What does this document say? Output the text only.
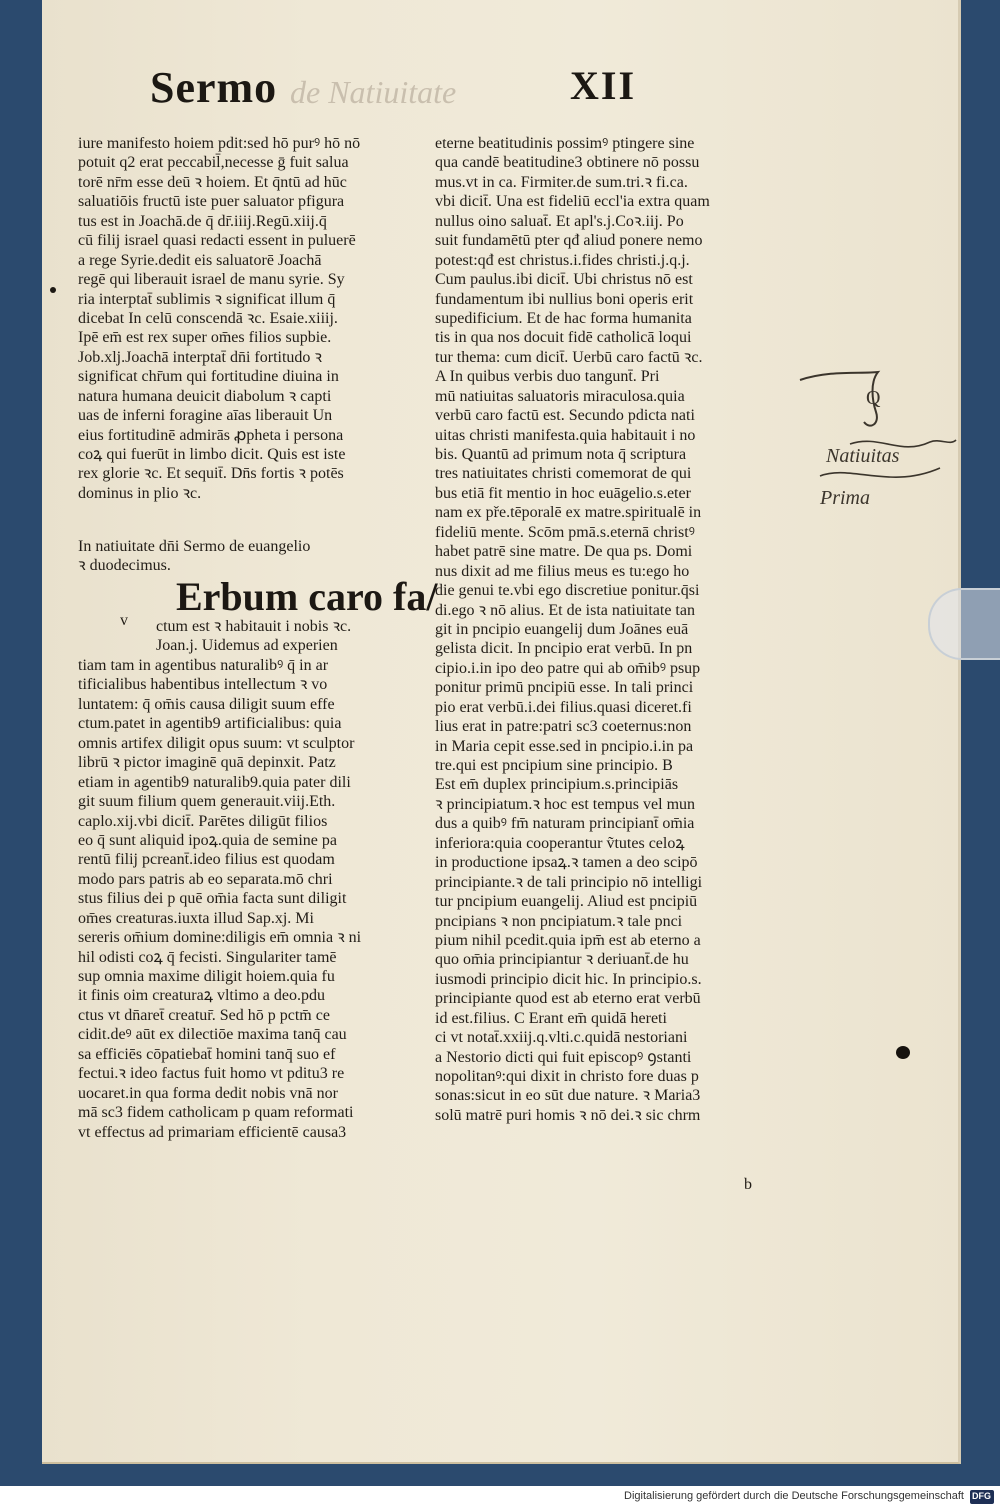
Sermo de Natiuitate	XII
iure manifesto hoiem pdit:sed hō purꝰ hō nō
potuit q2 erat peccabil̄,necesse ḡ fuit salua
torē nr̄m esse deū ꝛ hoiem. Et q̄ntū ad hūc
saluatiōis fructū iste puer saluator pfigura
tus est in Joachā.de q̄ dr̄.iiij.Regū.xiij.q̄
cū filij israel quasi redacti essent in puluerē
a rege Syrie.dedit eis saluatorē Joachā
regē qui liberauit israel de manu syrie. Sy
ria interptat̄ sublimis ꝛ significat illum q̄
dicebat In celū conscendā ꝛc. Esaie.xiiij.
Ipē em̄ est rex super om̄es filios supbie.
Job.xlj.Joachā interptat̄ dn̄i fortitudo ꝛ
significat chr̄um qui fortitudine diuina in
natura humana deuicit diabolum ꝛ capti
uas de inferni foragine aīas liberauit Un
eius fortitudinē admirās ꝓpheta i persona
coꝝ qui fuerūt in limbo dicit. Quis est iste
rex glorie ꝛc. Et sequit̄. Dn̄s fortis ꝛ potēs
dominus in plio ꝛc.
In natiuitate dn̄i Sermo de euangelio
ꝛ duodecimus.
Erbum caro fa/
v ctum est ꝛ habitauit i nobis ꝛc.
Joan.j. Uidemus ad experien
tiam tam in agentibus naturalibꝰ q̄ in ar
tificialibus habentibus intellectum ꝛ vo
luntatem: q̄ om̄is causa diligit suum effe
ctum.patet in agentib9 artificialibus: quia
omnis artifex diligit opus suum: vt sculptor
librū ꝛ pictor imaginē quā depinxit. Patz
etiam in agentib9 naturalib9.quia pater dili
git suum filium quem generauit.viij.Eth.
caplo.xij.vbi dicit̄. Parētes diligūt filios
eo q̄ sunt aliquid ipoꝝ.quia de semine pa
rentū filij pcreant̄.ideo filius est quodam
modo pars patris ab eo separata.mō chri
stus filius dei p quē om̄ia facta sunt diligit
om̄es creaturas.iuxta illud Sap.xj. Mi
sereris om̄ium domine:diligis em̄ omnia ꝛ ni
hil odisti coꝝ q̄ fecisti. Singulariter tamē
sup omnia maxime diligit hoiem.quia fu
it finis oim creaturaꝝ vltimo a deo.pdu
ctus vt dn̄aret̄ creatur̄. Sed hō p pctm̄ ce
cidit.deꝰ aūt ex dilectiōe maxima tanq̄ cau
sa efficiēs cōpatiebat̄ homini tanq̄ suo ef
fectui.ꝛ ideo factus fuit homo vt pditu3 re
uocaret.in qua forma dedit nobis vnā nor
mā sc3 fidem catholicam p quam reformati
vt effectus ad primariam efficientē causa3
eterne beatitudinis possimꝰ ptingere sine
qua candē beatitudine3 obtinere nō possu
mus.vt in ca. Firmiter.de sum.tri.ꝛ fi.ca.
vbi dicit̄. Una est fideliū eccl'ia extra quam
nullus oino saluat̄. Et apl's.j.Coꝛ.iij. Po
suit fundamētū pter qđ aliud ponere nemo
potest:qđ est christus.i.fides christi.j.q.j.
Cum paulus.ibi dicit̄. Ubi christus nō est
fundamentum ibi nullius boni operis erit
supedificium. Et de hac forma humanita
tis in qua nos docuit fidē catholicā loqui
tur thema: cum dicit̄. Uerbū caro factū ꝛc.
A In quibus verbis duo tangunt̄. Pri
mū natiuitas saluatoris miraculosa.quia
verbū caro factū est. Secundo pdicta nati
uitas christi manifesta.quia habitauit i no
bis. Quantū ad primum nota q̄ scriptura
tres natiuitates christi comemorat de qui
bus etiā fit mentio in hoc euāgelio.s.eter
nam ex pře.tēporalē ex matre.spiritualē in
fideliū mente. Scōm pmā.s.eternā christꝰ
habet patrē sine matre. De qua ps. Domi
nus dixit ad me filius meus es tu:ego ho
die genui te.vbi ego discretiue ponitur.q̄si
di.ego ꝛ nō alius. Et de ista natiuitate tan
git in pncipio euangelij dum Joānes euā
gelista dicit. In pncipio erat verbū. In pn
cipio.i.in ipo deo patre qui ab om̄ibꝰ psup
ponitur primū pncipiū esse. In tali princi
pio erat verbū.i.dei filius.quasi diceret.fi
lius erat in patre:patri sc3 coeternus:non
in Maria cepit esse.sed in pncipio.i.in pa
tre.qui est pncipium sine principio. B
Est em̄ duplex principium.s.principiās
ꝛ principiatum.ꝛ hoc est tempus vel mun
dus a quibꝰ fm̄ naturam principiant̄ om̄ia
inferiora:quia cooperantur ṽtutes celoꝝ
in productione ipsaꝝ.ꝛ tamen a deo scipō
principiante.ꝛ de tali principio nō intelligi
tur pncipium euangelij. Aliud est pncipiū
pncipians ꝛ non pncipiatum.ꝛ tale pnci
pium nihil pcedit.quia ipm̄ est ab eterno a
quo om̄ia principiantur ꝛ deriuant̄.de hu
iusmodi principio dicit hic. In principio.s.
principiante quod est ab eterno erat verbū
id est.filius. C Erant em̄ quidā hereti
ci vt notat̄.xxiij.q.vlti.c.quidā nestoriani
a Nestorio dicti qui fuit episcopꝰ ꝯstanti
nopolitanꝰ:qui dixit in christo fore duas p
sonas:sicut in eo sūt due nature. ꝛ Maria3
solū matrē puri homis ꝛ nō dei.ꝛ sic chrm
Q
Natiuitas
Prima
b
Digitalisierung gefördert durch die Deutsche Forschungsgemeinschaft DFG
